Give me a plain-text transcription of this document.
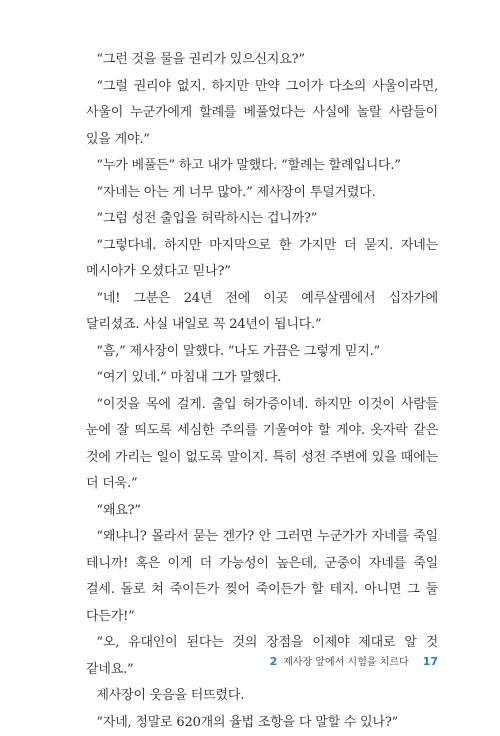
“그런 것을 물을 권리가 있으신지요?”

“그럴 권리야 없지. 하지만 만약 그이가 다소의 사울이라면, 사울이 누군가에게 할례를 베풀었다는 사실에 놀랄 사람들이 있을 게야.”

“누가 베풀든” 하고 내가 말했다. “할례는 할례입니다.”

“자네는 아는 게 너무 많아.” 제사장이 투덜거렸다.

“그럼 성전 출입을 허락하시는 겁니까?”

“그렇다네. 하지만 마지막으로 한 가지만 더 묻지. 자네는 메시아가 오셨다고 믿나?”

“네! 그분은 24년 전에 이곳 예루살렘에서 십자가에 달리셨죠. 사실 내일로 꼭 24년이 됩니다.”

“흠,” 제사장이 말했다. “나도 가끔은 그렇게 믿지.”

“여기 있네.” 마침내 그가 말했다.

“이것을 목에 걸게. 출입 허가증이네. 하지만 이것이 사람들 눈에 잘 띄도록 세심한 주의를 기울여야 할 게야. 옷자락 같은 것에 가리는 일이 없도록 말이지. 특히 성전 주변에 있을 때에는 더 더욱.”

“왜요?”

“왜냐니? 몰라서 묻는 겐가? 안 그러면 누군가가 자네를 죽일 테니까! 혹은 이게 더 가능성이 높은데, 군중이 자네를 죽일 걸세. 돌로 쳐 죽이든가 찢어 죽이든가 할 테지. 아니면 그 둘 다든가!”

“오, 유대인이 된다는 것의 장점을 이제야 제대로 알 것 같네요.”

제사장이 웃음을 터뜨렸다.

“자네, 정말로 620개의 율법 조항을 다 말할 수 있나?”

2 제사장 앞에서 시험을 치르다 17
